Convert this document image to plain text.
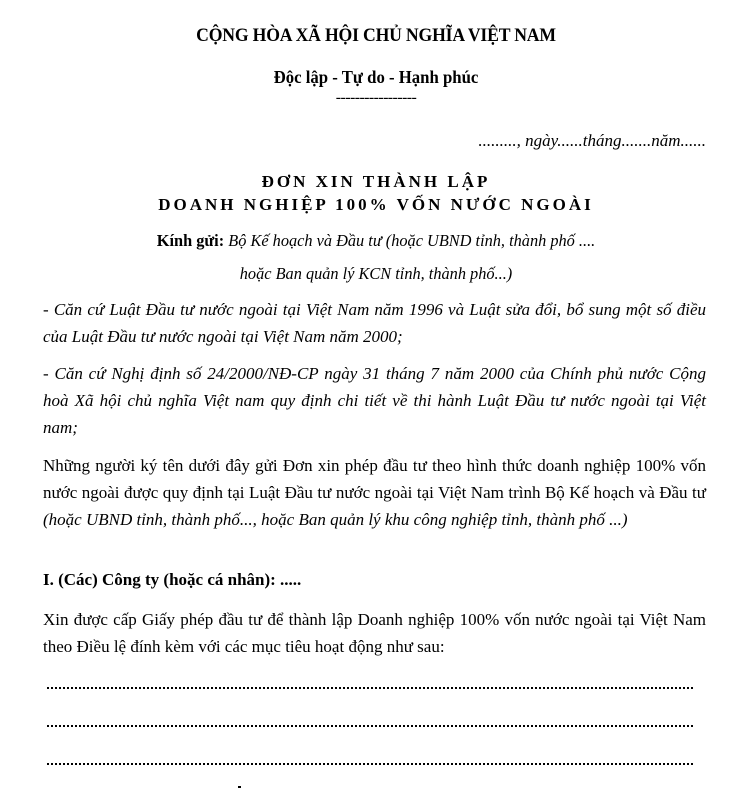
CỘNG HÒA XÃ HỘI CHỦ NGHĨA VIỆT NAM
Độc lập - Tự do - Hạnh phúc
-----------------
........., ngày......tháng.......năm......
ĐƠN XIN THÀNH LẬP
DOANH NGHIỆP 100% VỐN NƯỚC NGOÀI
Kính gửi: Bộ Kế hoạch và Đầu tư (hoặc UBND tỉnh, thành phố ....
hoặc Ban quản lý KCN tỉnh, thành phố...)
- Căn cứ Luật Đầu tư nước ngoài tại Việt Nam năm 1996 và Luật sửa đổi, bổ sung một số điều của Luật Đầu tư nước ngoài tại Việt Nam năm 2000;
- Căn cứ Nghị định số 24/2000/NĐ-CP ngày 31 tháng 7 năm 2000 của Chính phủ nước Cộng hoà Xã hội chủ nghĩa Việt nam quy định chi tiết về thi hành Luật Đầu tư nước ngoài tại Việt nam;
Những người ký tên dưới đây gửi Đơn xin phép đầu tư theo hình thức doanh nghiệp 100% vốn nước ngoài được quy định tại Luật Đầu tư nước ngoài tại Việt Nam trình Bộ Kế hoạch và Đầu tư (hoặc UBND tỉnh, thành phố..., hoặc Ban quản lý khu công nghiệp tỉnh, thành phố ...)
I. (Các) Công ty (hoặc cá nhân): .....
Xin được cấp Giấy phép đầu tư để thành lập Doanh nghiệp 100% vốn nước ngoài tại Việt Nam theo Điều lệ đính kèm với các mục tiêu hoạt động như sau:
